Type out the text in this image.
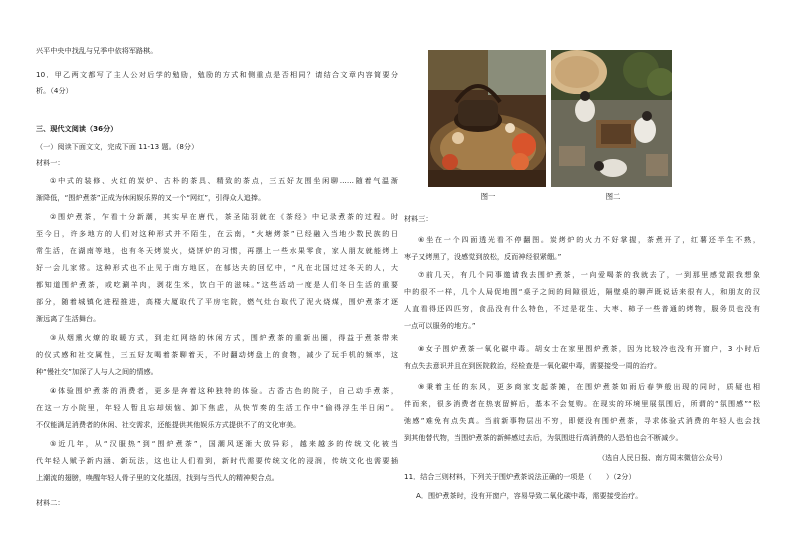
兴平中央中找乱与兄季中依将军路棋。
10．甲乙两文都写了主人公对后学的勉励，勉励的方式和侧重点是否相同？请结合文章内容简要分
析。（4分）
三、现代文阅读（36分）
（一）阅读下面文文，完成下面 11-13 题。（8分）
材料一：
①中式的装修、火红的炭炉、古朴的茶具、精致的茶点，三五好友围坐闲聊……随着气温渐
渐降低，“围炉煮茶”正成为休闲娱乐界的又一个“网红”，引得众人追捧。
②围炉煮茶，乍看十分新潮，其实早在唐代，茶圣陆羽就在《茶经》中记录煮茶的过程。时
至今日，许多地方的人们对这种形式并不陌生，在云南，“火塘烤茶”已经融入当地少数民族的日
常生活，在湖南等地，也有冬天烤炭火，烧饼炉的习惯，再摆上一些水果零食，家人朋友就能烤上
好一会儿家常。这种形式也不止见于南方地区，在郁达夫的回忆中，“凡在北国过过冬天的人，大
都知道围炉煮茶，或吃涮羊肉，剥花生米，饮白干的滋味。”这些活动一度是人们冬日生活的重要
部分，随着城镇化进程推进，高楼大厦取代了平房宅院，燃气灶台取代了泥火烧煤，围炉煮茶才逐
渐远离了生活舞台。
③从烟熏火燎的取暖方式，到走红网络的休闲方式，围炉煮茶的重新出圈，得益于煮茶带来
的仪式感和社交属性，三五好友喝着茶聊着天，不时翻动烤盘上的食物，减少了玩手机的频率，这
种“慢社交”加深了人与人之间的情感。
④体验围炉煮茶的消费者，更多是奔着这种独特的体验。古香古色的院子，自己动手煮茶，
在这一方小院里，年轻人暂且忘却烦恼、卸下焦虑，从快节奏的生活工作中“偷得浮生半日闲”。
不仅能满足消费者的休闲、社交需求，还能提供其他娱乐方式提供不了的文化审美。
⑤近几年，从“汉服热”到“围炉煮茶”，国潮风逐渐大放异彩，越来越多的传统文化被当
代年轻人赋予新内涵、新玩法，这也让人们看到，新时代需要传统文化的浸润，传统文化也需要插
上潮流的翅膀，唤醒年轻人骨子里的文化基因，找到与当代人的精神契合点。
材料二：
图一	图二
材料三：
⑥坐在一个四面透光看不停翻图。炭烤炉的火力不好掌握，茶煮开了，红薯还半生不熟，
枣子又烤黑了，没感觉到放松，反而神经很紧绷。”
⑦前几天，有几个同事邀请我去围炉煮茶，一向爱喝茶的我就去了，一到那里感觉跟我想象
中的很不一样，几个人局促地围“桌子之间的间隙很近，隔壁桌的聊声既说话来很有人，和朋友的汉
人直看得还四匹穷，食品没有什么特色，不过是花生、大枣、柿子一些普通的烤物，服务员也没有
一点可以服务的地方。”
⑧女子围炉煮茶一氧化碳中毒。胡女士在家里围炉煮茶，因为比较冷也没有开窗户，3 小时后
有点失去意识并且在到医院救治，经检查是一氧化碳中毒，需要接受一周的治疗。
⑨秉着主任的东风，更多商家支起茶摊，在围炉煮茶如雨后春笋般出现的同时，质疑也相
伴而来，很多消费者在热衷留鲜后，基本不会复购。在现实的环境里展氛围后，所谓的“氛围感”“松
弛感”难免有点失真。当前新事物层出不穷，即便没有围炉煮茶，寻求体验式消费的年轻人也会找
到其他替代物，当围炉煮茶的新鲜感过去后，为氛围进行高消费的人恐怕也会不断减少。
（选自人民日报、南方周末微信公众号）
11．结合三则材料，下列关于围炉煮茶说法正确的一项是（　　）（2分）
A．围炉煮茶时，没有开窗户，容易导致二氧化碳中毒，需要接受治疗。
